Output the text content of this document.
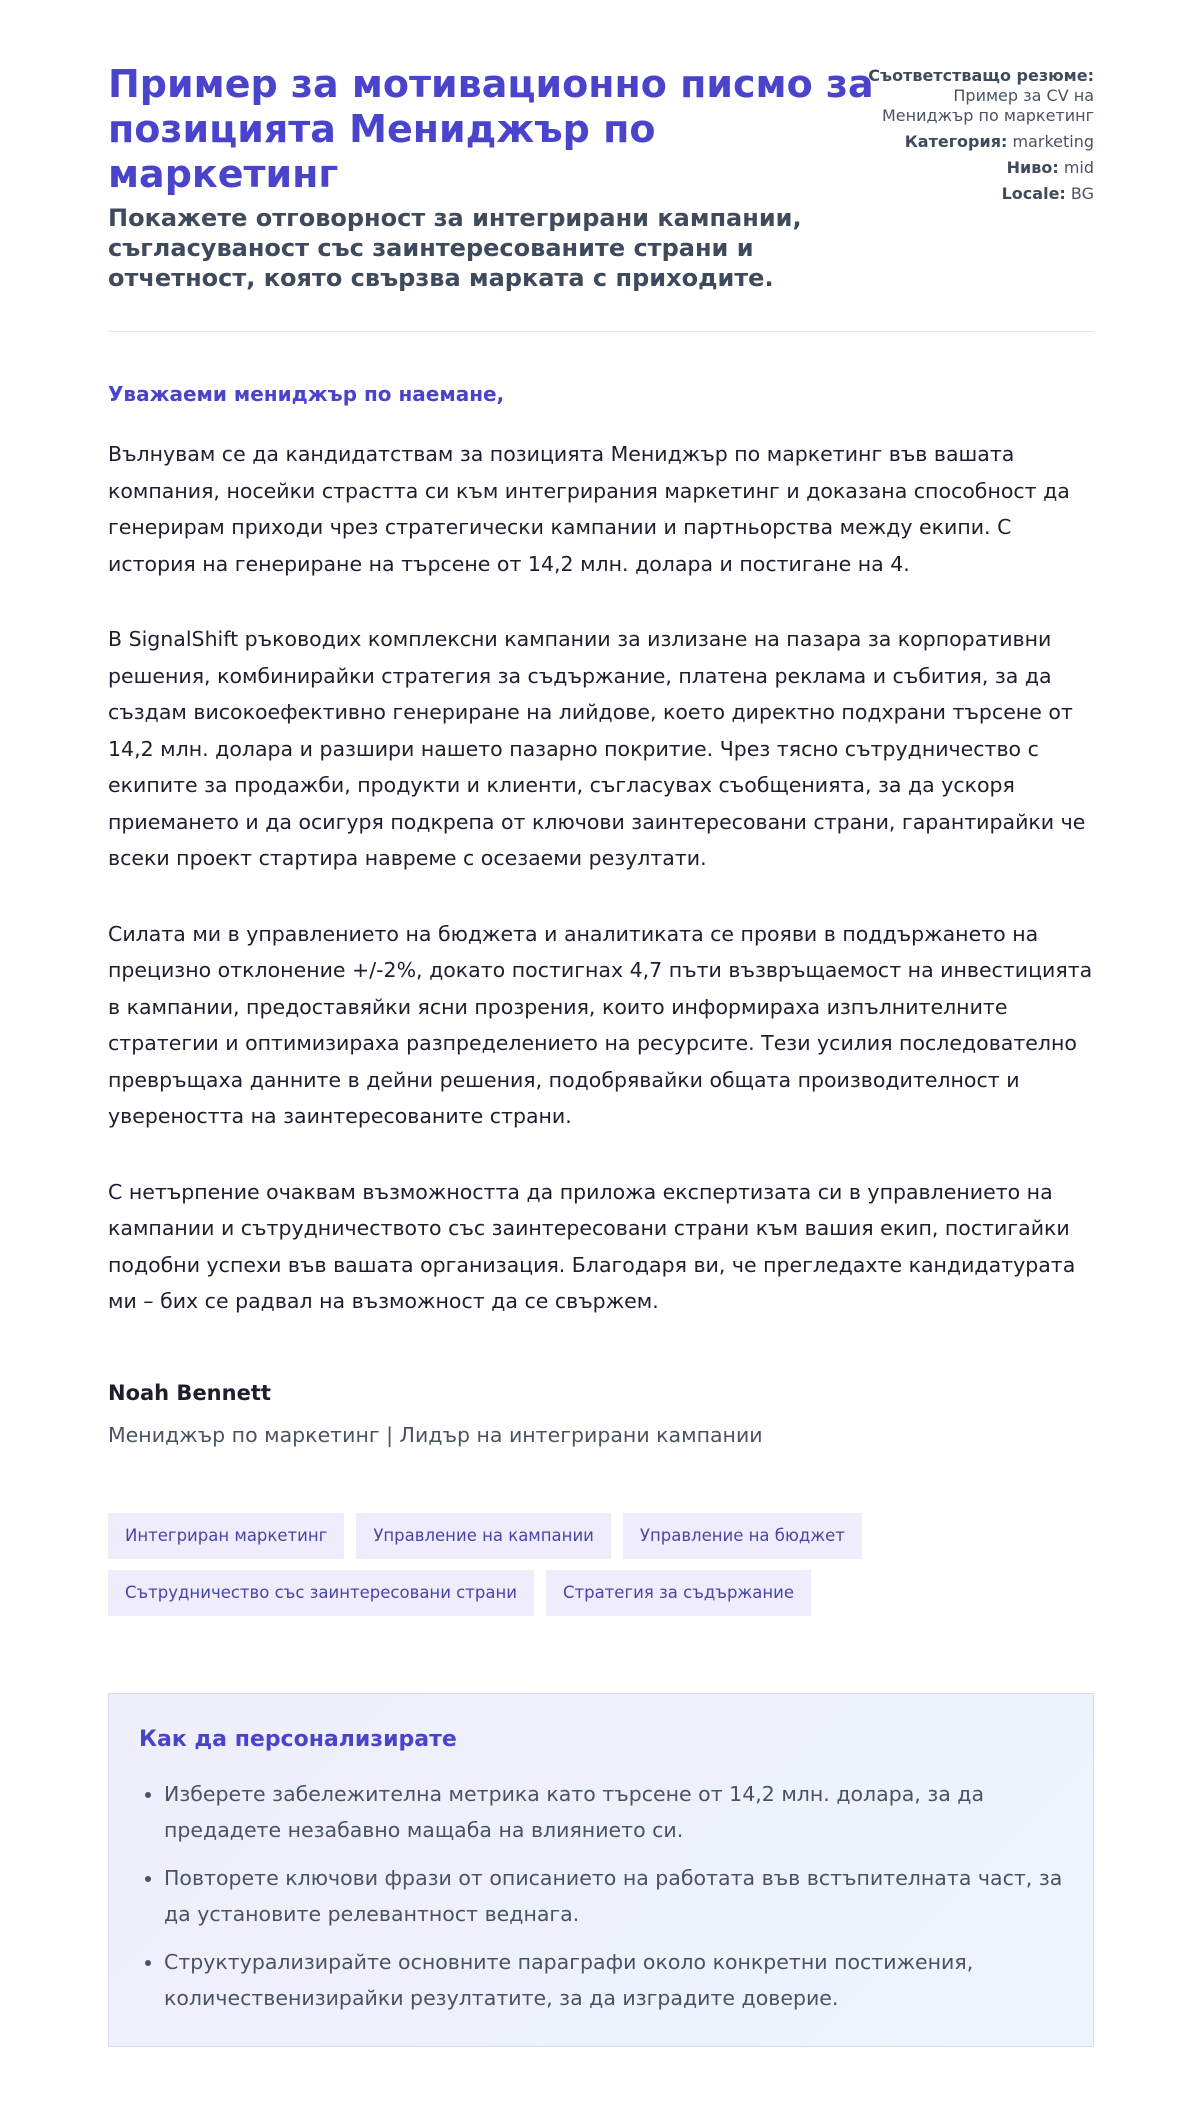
Пример за мотивационно писмо за позицията Мениджър по маркетинг
Покажете отговорност за интегрирани кампании, съгласуваност със заинтересованите страни и отчетност, която свързва марката с приходите.
Съответстващо резюме: Пример за CV на Мениджър по маркетинг
Категория: marketing
Ниво: mid
Locale: BG
Уважаеми мениджър по наемане,

Вълнувам се да кандидатствам за позицията Мениджър по маркетинг във вашата компания, носейки страстта си към интегрирания маркетинг и доказана способност да генерирам приходи чрез стратегически кампании и партньорства между екипи. С история на генериране на търсене от 14,2 млн. долара и постигане на 4.

В SignalShift ръководих комплексни кампании за излизане на пазара за корпоративни решения, комбинирайки стратегия за съдържание, платена реклама и събития, за да създам високоефективно генериране на лийдове, което директно подхрани търсене от 14,2 млн. долара и разшири нашето пазарно покритие. Чрез тясно сътрудничество с екипите за продажби, продукти и клиенти, съгласувах съобщенията, за да ускоря приемането и да осигуря подкрепа от ключови заинтересовани страни, гарантирайки че всеки проект стартира навреме с осезаеми резултати.

Силата ми в управлението на бюджета и аналитиката се прояви в поддържането на прецизно отклонение +/-2%, докато постигнах 4,7 пъти възвръщаемост на инвестицията в кампании, предоставяйки ясни прозрения, които информираха изпълнителните стратегии и оптимизираха разпределението на ресурсите. Тези усилия последователно превръщаха данните в дейни решения, подобрявайки общата производителност и увереността на заинтересованите страни.

С нетърпение очаквам възможността да приложа експертизата си в управлението на кампании и сътрудничеството със заинтересовани страни към вашия екип, постигайки подобни успехи във вашата организация. Благодаря ви, че прегледахте кандидатурата ми – бих се радвал на възможност да се свържем.

Noah Bennett
Мениджър по маркетинг | Лидър на интегрирани кампании
Интегриран маркетинг	Управление на кампании	Управление на бюджет
Сътрудничество със заинтересовани страни	Стратегия за съдържание
Как да персонализирате
• Изберете забележителна метрика като търсене от 14,2 млн. долара, за да предадете незабавно мащаба на влиянието си.
• Повторете ключови фрази от описанието на работата във встъпителната част, за да установите релевантност веднага.
• Структурализирайте основните параграфи около конкретни постижения, количественизирайки резултатите, за да изградите доверие.
